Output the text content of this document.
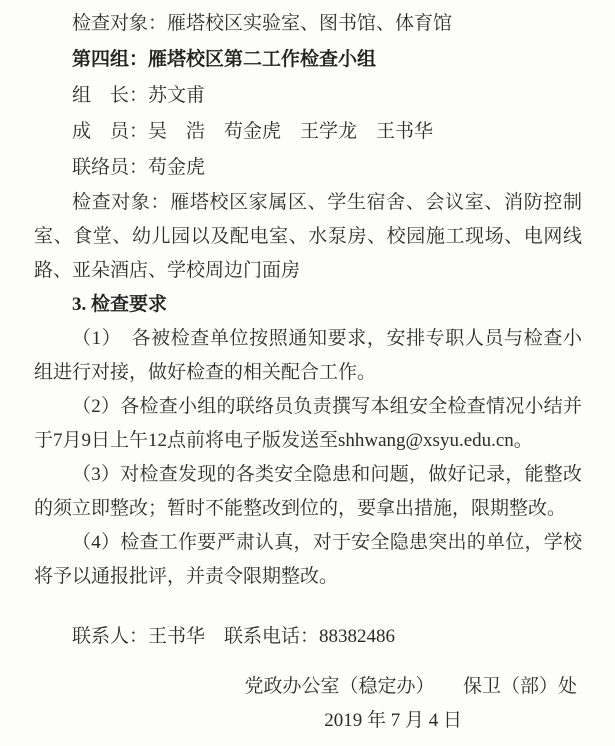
检查对象：雁塔校区实验室、图书馆、体育馆

第四组：雁塔校区第二工作检查小组

组　长：苏文甫

成　员：吴　浩　苟金虎　王学龙　王书华

联络员：苟金虎

检查对象：雁塔校区家属区、学生宿舍、会议室、消防控制室、食堂、幼儿园以及配电室、水泵房、校园施工现场、电网线路、亚朵酒店、学校周边门面房

3. 检查要求

（1）　各被检查单位按照通知要求，安排专职人员与检查小组进行对接，做好检查的相关配合工作。

（2）各检查小组的联络员负责撰写本组安全检查情况小结并于7月9日上午12点前将电子版发送至shhwang@xsyu.edu.cn。

（3）对检查发现的各类安全隐患和问题，做好记录，能整改的须立即整改；暂时不能整改到位的，要拿出措施，限期整改。

（4）检查工作要严肃认真，对于安全隐患突出的单位，学校将予以通报批评，并责令限期整改。

联系人：王书华　联系电话：88382486

党政办公室（稳定办）　　保卫（部）处

2019 年 7 月 4 日
